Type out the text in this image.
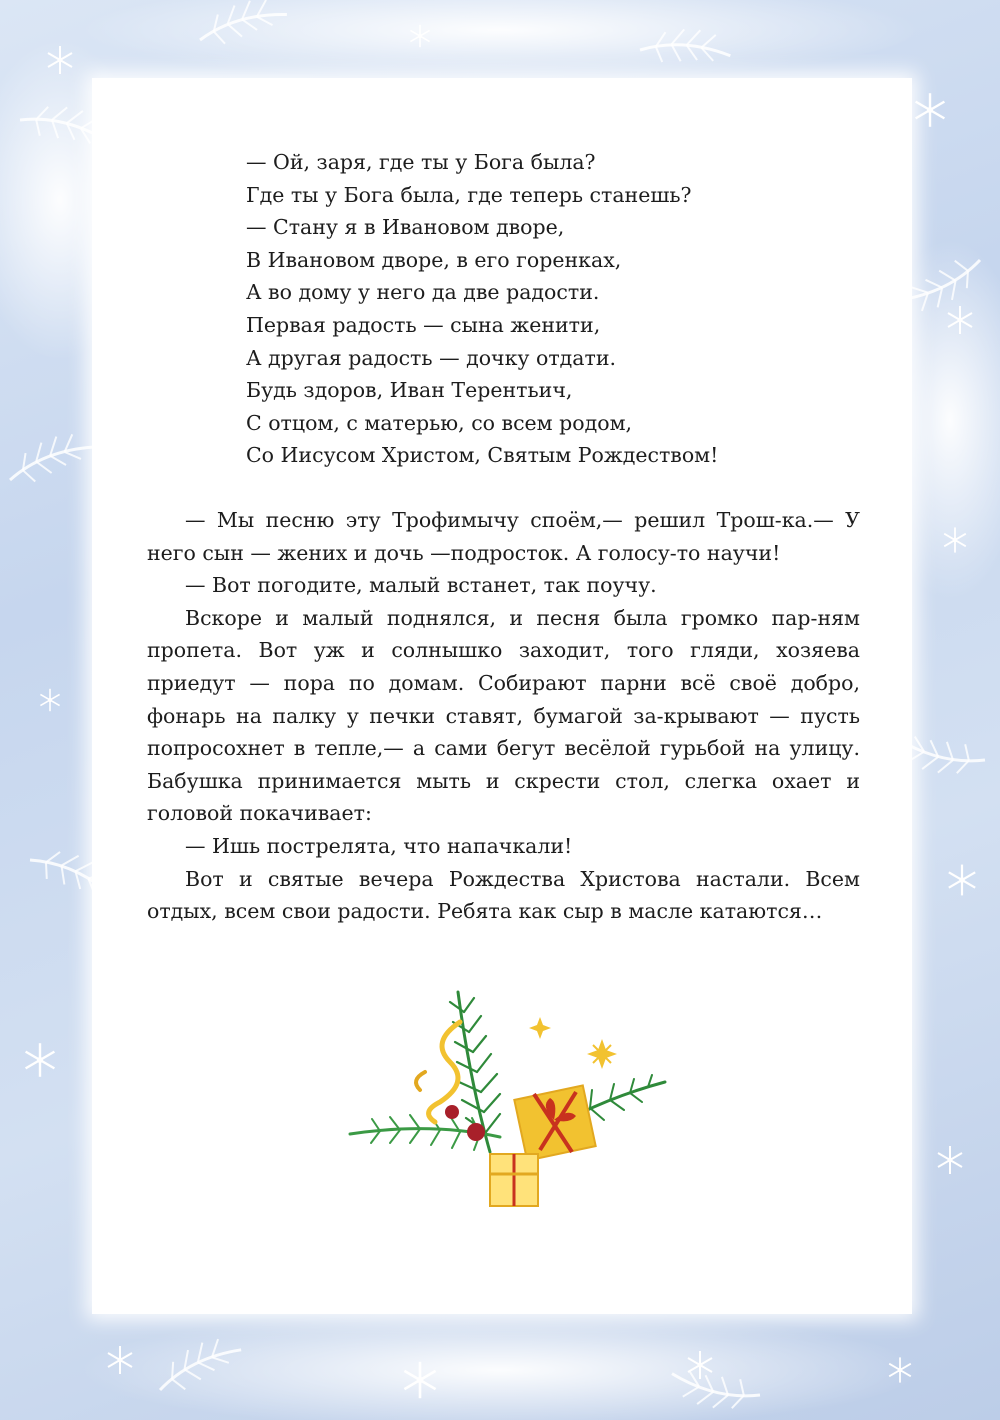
— Ой, заря, где ты у Бога была?
Где ты у Бога была, где теперь станешь?
— Стану я в Ивановом дворе,
В Ивановом дворе, в его горенках,
А во дому у него да две радости.
Первая радость — сына женити,
А другая радость — дочку отдати.
Будь здоров, Иван Терентьич,
С отцом, с матерью, со всем родом,
Со Иисусом Христом, Святым Рождеством!

— Мы песню эту Трофимычу споём,— решил Трош-ка.— У него сын — жених и дочь —подросток. А голосу-то научи!

— Вот погодите, малый встанет, так поучу.

Вскоре и малый поднялся, и песня была громко пар-ням пропета. Вот уж и солнышко заходит, того гляди, хозяева приедут — пора по домам. Собирают парни всё своё добро, фонарь на палку у печки ставят, бумагой за-крывают — пусть попросохнет в тепле,— а сами бегут весёлой гурьбой на улицу. Бабушка принимается мыть и скрести стол, слегка охает и головой покачивает:

— Ишь пострелята, что напачкали!

Вот и святые вечера Рождества Христова настали. Всем отдых, всем свои радости. Ребята как сыр в масле катаются…
